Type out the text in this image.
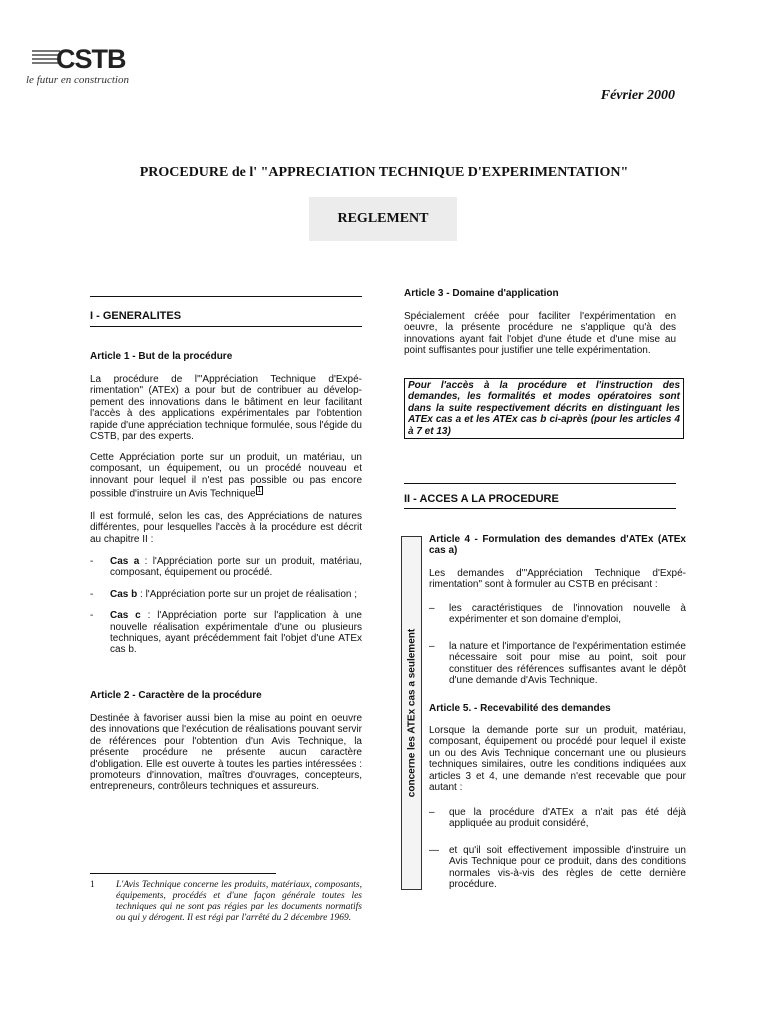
CSTB
le futur en construction
Février 2000
PROCEDURE de l' "APPRECIATION TECHNIQUE D'EXPERIMENTATION"
REGLEMENT
I - GENERALITES
Article 1 - But de la procédure
La procédure de l'"Appréciation Technique d'Expé-rimentation" (ATEx) a pour but de contribuer au dévelop-pement des innovations dans le bâtiment en leur facilitant l'accès à des applications expérimentales par l'obtention rapide d'une appréciation technique formulée, sous l'égide du CSTB, par des experts.
Cette Appréciation porte sur un produit, un matériau, un composant, un équipement, ou un procédé nouveau et innovant pour lequel il n'est pas possible ou pas encore possible d'instruire un Avis Technique 1
Il est formulé, selon les cas, des Appréciations de natures différentes, pour lesquelles l'accès à la procédure est décrit au chapitre II :
- Cas a : l'Appréciation porte sur un produit, matériau, composant, équipement ou procédé.
- Cas b : l'Appréciation porte sur un projet de réalisation ;
- Cas c : l'Appréciation porte sur l'application à une nouvelle réalisation expérimentale d'une ou plusieurs techniques, ayant précédemment fait l'objet d'une ATEx cas b.
Article 2 - Caractère de la procédure
Destinée à favoriser aussi bien la mise au point en oeuvre des innovations que l'exécution de réalisations pouvant servir de références pour l'obtention d'un Avis Technique, la présente procédure ne présente aucun caractère d'obligation. Elle est ouverte à toutes les parties intéressées : promoteurs d'innovation, maîtres d'ouvrages, concepteurs, entrepreneurs, contrôleurs techniques et assureurs.
1 L'Avis Technique concerne les produits, matériaux, composants, équipements, procédés et d'une façon générale toutes les techniques qui ne sont pas régies par les documents normatifs ou qui y dérogent. Il est régi par l'arrêté du 2 décembre 1969.
Article 3 - Domaine d'application
Spécialement créée pour faciliter l'expérimentation en oeuvre, la présente procédure ne s'applique qu'à des innovations ayant fait l'objet d'une étude et d'une mise au point suffisantes pour justifier une telle expérimentation.
Pour l'accès à la procédure et l'instruction des demandes, les formalités et modes opératoires sont dans la suite respectivement décrits en distinguant les ATEx cas a et les ATEx cas b ci-après (pour les articles 4 à 7 et 13)
II - ACCES A LA PROCEDURE
concerne les ATEx cas a seulement
Article 4 - Formulation des demandes d'ATEx (ATEx cas a)
Les demandes d'"Appréciation Technique d'Expé-rimentation" sont à formuler au CSTB en précisant :
– les caractéristiques de l'innovation nouvelle à expérimenter et son domaine d'emploi,
– la nature et l'importance de l'expérimentation estimée nécessaire soit pour mise au point, soit pour constituer des références suffisantes avant le dépôt d'une demande d'Avis Technique.
Article 5. - Recevabilité des demandes
Lorsque la demande porte sur un produit, matériau, composant, équipement ou procédé pour lequel il existe un ou des Avis Technique concernant une ou plusieurs techniques similaires, outre les conditions indiquées aux articles 3 et 4, une demande n'est recevable que pour autant :
– que la procédure d'ATEx a n'ait pas été déjà appliquée au produit considéré,
— et qu'il soit effectivement impossible d'instruire un Avis Technique pour ce produit, dans des conditions normales vis-à-vis des règles de cette dernière procédure.
